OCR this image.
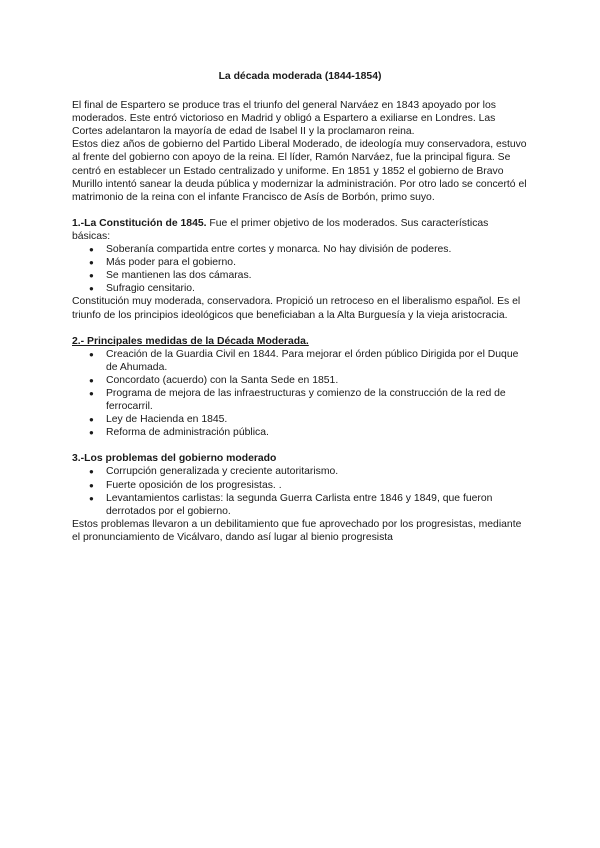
La década moderada (1844-1854)

El final de Espartero se produce tras el triunfo del general Narváez en 1843 apoyado por los moderados. Este entró victorioso en Madrid y obligó a Espartero a exiliarse en Londres. Las Cortes adelantaron la mayoría de edad de Isabel II y la proclamaron reina.

Estos diez años de gobierno del Partido Liberal Moderado, de ideología muy conservadora, estuvo al frente del gobierno con apoyo de la reina. El líder, Ramón Narváez, fue la principal figura. Se centró en establecer un Estado centralizado y uniforme. En 1851 y 1852 el gobierno de Bravo Murillo intentó sanear la deuda pública y modernizar la administración. Por otro lado se concertó el matrimonio de la reina con el infante Francisco de Asís de Borbón, primo suyo.

1.-La Constitución de 1845. Fue el primer objetivo de los moderados. Sus características básicas:

● Soberanía compartida entre cortes y monarca. No hay división de poderes.
● Más poder para el gobierno.
● Se mantienen las dos cámaras.
● Sufragio censitario.

Constitución muy moderada, conservadora. Propició un retroceso en el liberalismo español. Es el triunfo de los principios ideológicos que beneficiaban a la Alta Burguesía y la vieja aristocracia.

2.- Principales medidas de la Década Moderada.

● Creación de la Guardia Civil en 1844. Para mejorar el órden público Dirigida por el Duque de Ahumada.
● Concordato (acuerdo) con la Santa Sede en 1851.
● Programa de mejora de las infraestructuras y comienzo de la construcción de la red de ferrocarril.
● Ley de Hacienda en 1845.
● Reforma de administración pública.

3.-Los problemas del gobierno moderado

● Corrupción generalizada y creciente autoritarismo.
● Fuerte oposición de los progresistas. .
● Levantamientos carlistas: la segunda Guerra Carlista entre 1846 y 1849, que fueron derrotados por el gobierno.

Estos problemas llevaron a un debilitamiento que fue aprovechado por los progresistas, mediante el pronunciamiento de Vicálvaro, dando así lugar al bienio progresista
